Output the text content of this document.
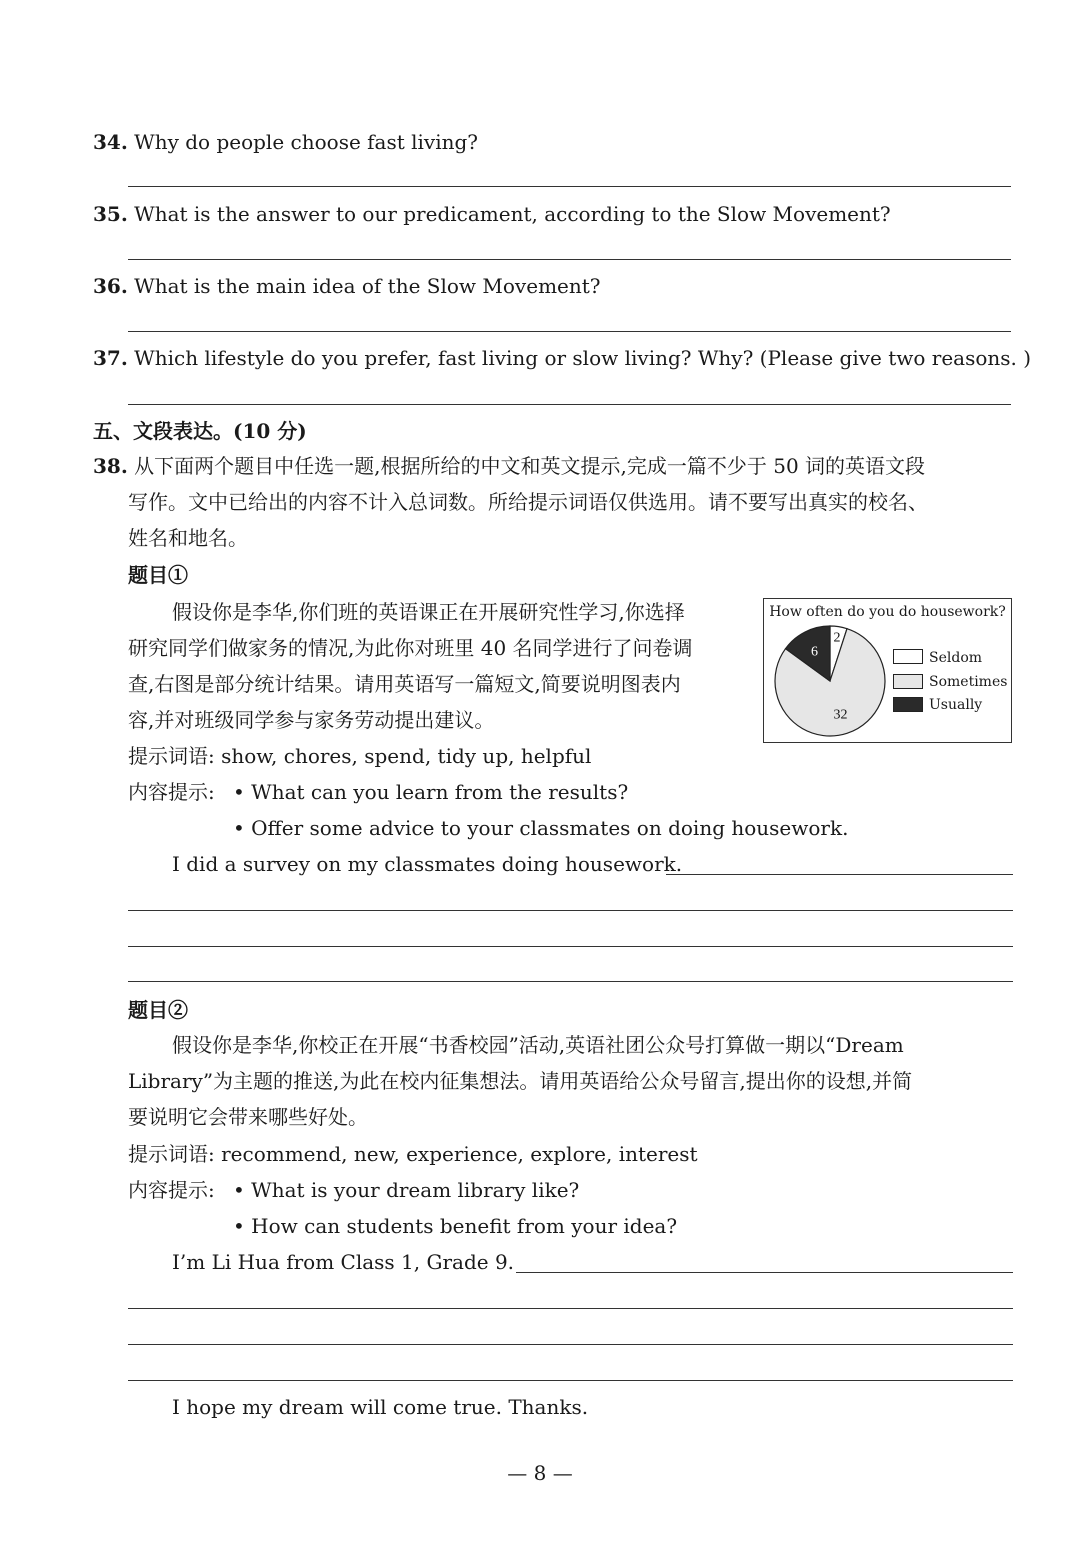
34. Why do people choose fast living?
35. What is the answer to our predicament, according to the Slow Movement?
36. What is the main idea of the Slow Movement?
37. Which lifestyle do you prefer, fast living or slow living? Why? (Please give two reasons. )
五、文段表达。(10 分)
38. 从下面两个题目中任选一题,根据所给的中文和英文提示,完成一篇不少于 50 词的英语文段
写作。文中已给出的内容不计入总词数。所给提示词语仅供选用。请不要写出真实的校名、
姓名和地名。
题目①
假设你是李华,你们班的英语课正在开展研究性学习,你选择
研究同学们做家务的情况,为此你对班里 40 名同学进行了问卷调
查,右图是部分统计结果。请用英语写一篇短文,简要说明图表内
容,并对班级同学参与家务劳动提出建议。
提示词语: show, chores, spend, tidy up, helpful
内容提示: • What can you learn from the results?
• Offer some advice to your classmates on doing housework.
I did a survey on my classmates doing housework.
How often do you do housework?
2
32
6	Seldom
Sometimes
Usually
题目②
假设你是李华,你校正在开展“书香校园”活动,英语社团公众号打算做一期以“Dream
Library”为主题的推送,为此在校内征集想法。请用英语给公众号留言,提出你的设想,并简
要说明它会带来哪些好处。
提示词语: recommend, new, experience, explore, interest
内容提示: • What is your dream library like?
• How can students benefit from your idea?
I’m Li Hua from Class 1, Grade 9.
I hope my dream will come true. Thanks.
— 8 —
